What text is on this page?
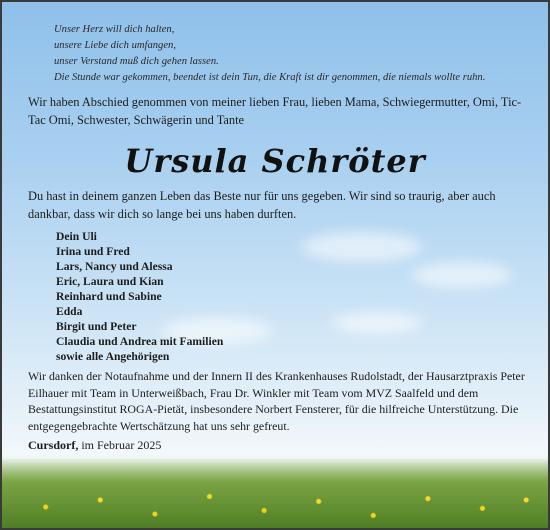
Unser Herz will dich halten,
unsere Liebe dich umfangen,
unser Verstand muß dich gehen lassen.
Die Stunde war gekommen, beendet ist dein Tun, die Kraft ist dir genommen, die niemals wollte ruhn.
Wir haben Abschied genommen von meiner lieben Frau, lieben Mama, Schwiegermutter, Omi, Tic-Tac Omi, Schwester, Schwägerin und Tante
Ursula Schröter
Du hast in deinem ganzen Leben das Beste nur für uns gegeben. Wir sind so traurig, aber auch dankbar, dass wir dich so lange bei uns haben durften.
Dein Uli
Irina und Fred
Lars, Nancy und Alessa
Eric, Laura und Kian
Reinhard und Sabine
Edda
Birgit und Peter
Claudia und Andrea mit Familien
sowie alle Angehörigen
Wir danken der Notaufnahme und der Innern II des Krankenhauses Rudolstadt, der Hausarztpraxis Peter Eilhauer mit Team in Unterweißbach, Frau Dr. Winkler mit Team vom MVZ Saalfeld und dem Bestattungsinstitut ROGA-Pietät, insbesondere Norbert Fensterer, für die hilfreiche Unterstützung. Die entgegengebrachte Wertschätzung hat uns sehr gefreut.
Cursdorf, im Februar 2025
